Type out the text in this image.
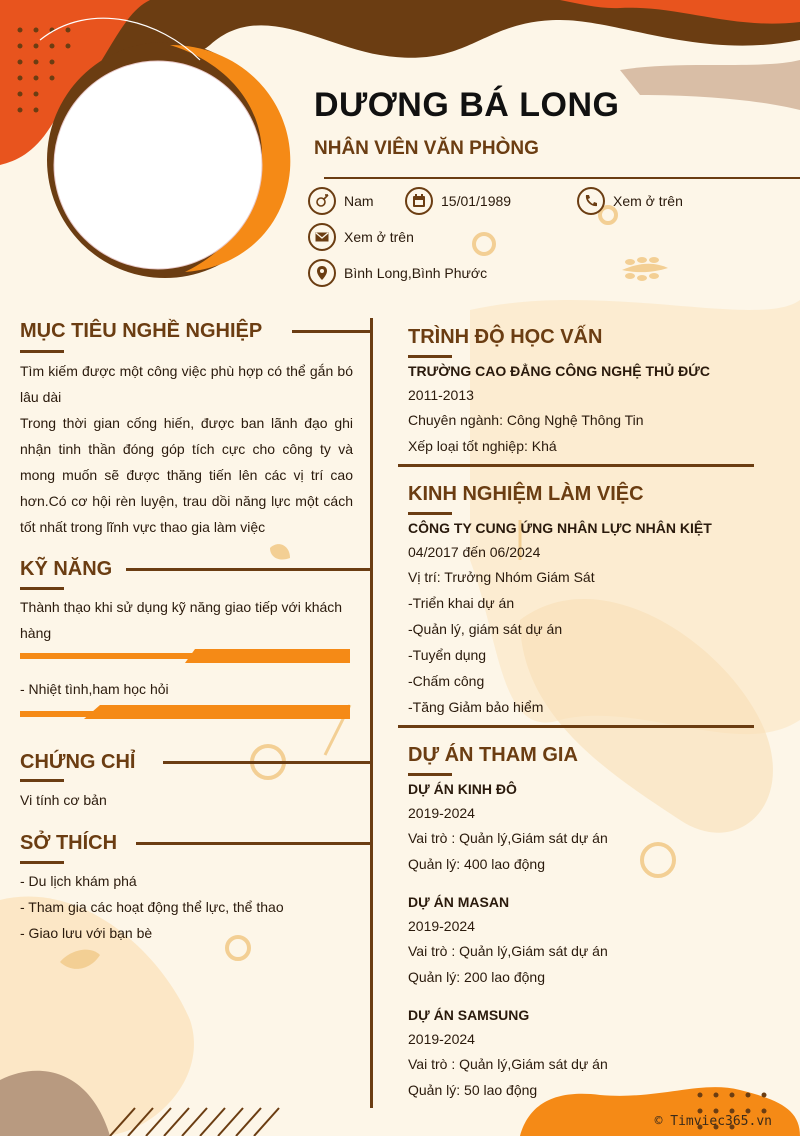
DƯƠNG BÁ LONG
NHÂN VIÊN VĂN PHÒNG
Nam	15/01/1989	Xem ở trên
Xem ở trên
Bình Long,Bình Phước
MỤC TIÊU NGHỀ NGHIỆP
Tìm kiếm được một công việc phù hợp có thể gắn bó lâu dài
Trong thời gian cống hiến, được ban lãnh đạo ghi nhận tinh thần đóng góp tích cực cho công ty và mong muốn sẽ được thăng tiến lên các vị trí cao hơn.Có cơ hội rèn luyện, trau dồi năng lực một cách tốt nhất trong lĩnh vực thao gia làm việc
KỸ NĂNG
Thành thạo khi sử dụng kỹ năng giao tiếp với khách hàng
- Nhiệt tình,ham học hỏi
CHỨNG CHỈ
Vi tính cơ bản
SỞ THÍCH
- Du lịch khám phá
- Tham gia các hoạt động thể lực, thể thao
- Giao lưu với bạn bè
TRÌNH ĐỘ HỌC VẤN
TRƯỜNG CAO ĐẲNG CÔNG NGHỆ THỦ ĐỨC
2011-2013
Chuyên ngành: Công Nghệ Thông Tin
Xếp loại tốt nghiệp: Khá
KINH NGHIỆM LÀM VIỆC
CÔNG TY CUNG ỨNG NHÂN LỰC NHÂN KIỆT
04/2017 đến 06/2024
Vị trí: Trưởng Nhóm Giám Sát
-Triển khai dự án
-Quản lý, giám sát dự án
-Tuyển dụng
-Chấm công
-Tăng Giảm bảo hiểm
DỰ ÁN THAM GIA
DỰ ÁN KINH ĐÔ
2019-2024
Vai trò : Quản lý,Giám sát dự án
Quản lý: 400 lao động
DỰ ÁN MASAN
2019-2024
Vai trò : Quản lý,Giám sát dự án
Quản lý: 200 lao động
DỰ ÁN SAMSUNG
2019-2024
Vai trò : Quản lý,Giám sát dự án
Quản lý: 50 lao động
© Timviec365.vn
